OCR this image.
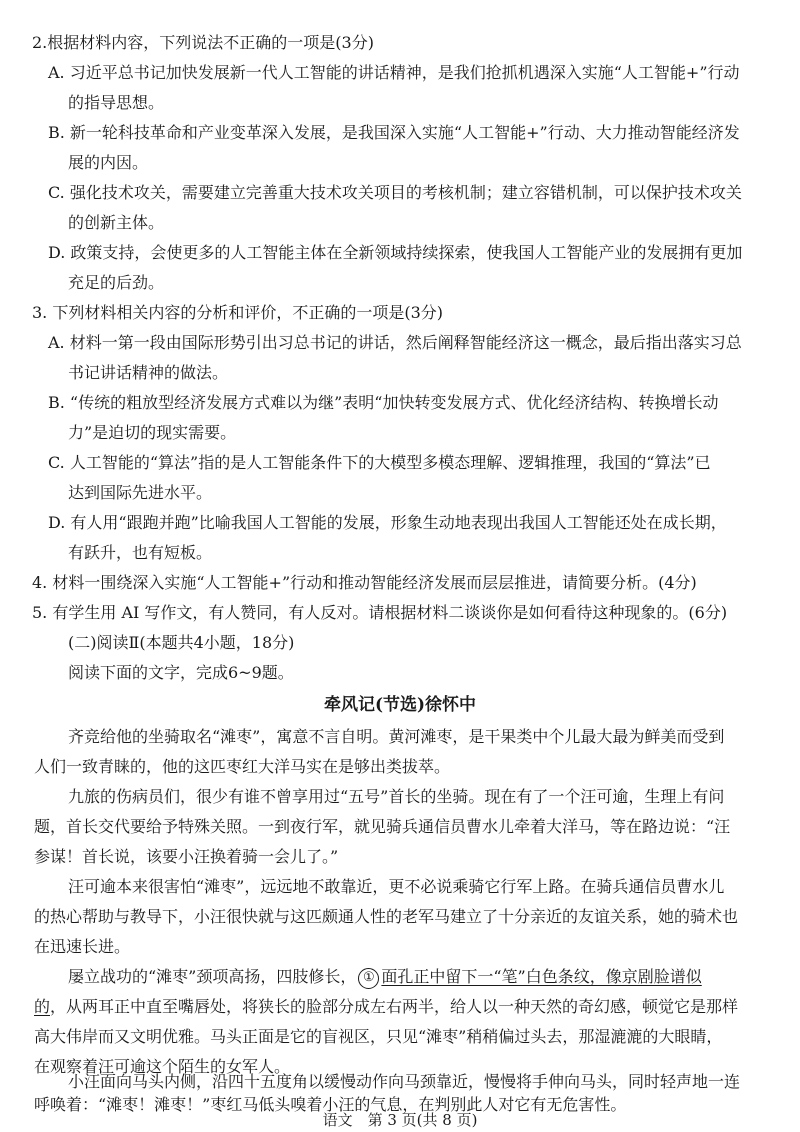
2.根据材料内容，下列说法不正确的一项是(3分)
A. 习近平总书记加快发展新一代人工智能的讲话精神，是我们抢抓机遇深入实施“人工智能+”行动
的指导思想。
B. 新一轮科技革命和产业变革深入发展，是我国深入实施“人工智能+”行动、大力推动智能经济发
展的内因。
C. 强化技术攻关，需要建立完善重大技术攻关项目的考核机制；建立容错机制，可以保护技术攻关
的创新主体。
D. 政策支持，会使更多的人工智能主体在全新领域持续探索，使我国人工智能产业的发展拥有更加
充足的后劲。
3. 下列材料相关内容的分析和评价，不正确的一项是(3分)
A. 材料一第一段由国际形势引出习总书记的讲话，然后阐释智能经济这一概念，最后指出落实习总
书记讲话精神的做法。
B. “传统的粗放型经济发展方式难以为继”表明“加快转变发展方式、优化经济结构、转换增长动
力”是迫切的现实需要。
C. 人工智能的“算法”指的是人工智能条件下的大模型多模态理解、逻辑推理，我国的“算法”已
达到国际先进水平。
D. 有人用“跟跑并跑”比喻我国人工智能的发展，形象生动地表现出我国人工智能还处在成长期，
有跃升，也有短板。
4. 材料一围绕深入实施“人工智能+”行动和推动智能经济发展而层层推进，请简要分析。(4分)
5. 有学生用 AI 写作文，有人赞同，有人反对。请根据材料二谈谈你是如何看待这种现象的。(6分)
(二)阅读Ⅱ(本题共4小题，18分)
阅读下面的文字，完成6~9题。
牵风记(节选)徐怀中
齐竞给他的坐骑取名“滩枣”，寓意不言自明。黄河滩枣，是干果类中个儿最大最为鲜美而受到
人们一致青睐的，他的这匹枣红大洋马实在是够出类拔萃。
九旅的伤病员们，很少有谁不曾享用过“五号”首长的坐骑。现在有了一个汪可逾，生理上有问
题，首长交代要给予特殊关照。一到夜行军，就见骑兵通信员曹水儿牵着大洋马，等在路边说：“汪
参谋！首长说，该要小汪换着骑一会儿了。”
汪可逾本来很害怕“滩枣”，远远地不敢靠近，更不必说乘骑它行军上路。在骑兵通信员曹水儿
的热心帮助与教导下，小汪很快就与这匹颇通人性的老军马建立了十分亲近的友谊关系，她的骑术也
在迅速长进。
屡立战功的“滩枣”颈项高扬，四肢修长， ① 面孔正中留下一“笔”白色条纹，像京剧脸谱似
的，从两耳正中直至嘴唇处，将狭长的脸部分成左右两半，给人以一种天然的奇幻感，顿觉它是那样
高大伟岸而又文明优雅。马头正面是它的盲视区，只见“滩枣”稍稍偏过头去，那湿漉漉的大眼睛，
在观察着汪可逾这个陌生的女军人。
小汪面向马头内侧，沿四十五度角以缓慢动作向马颈靠近，慢慢将手伸向马头，同时轻声地一连
呼唤着：“滩枣！滩枣！”枣红马低头嗅着小汪的气息，在判别此人对它有无危害性。
语文　第 3 页(共 8 页)
